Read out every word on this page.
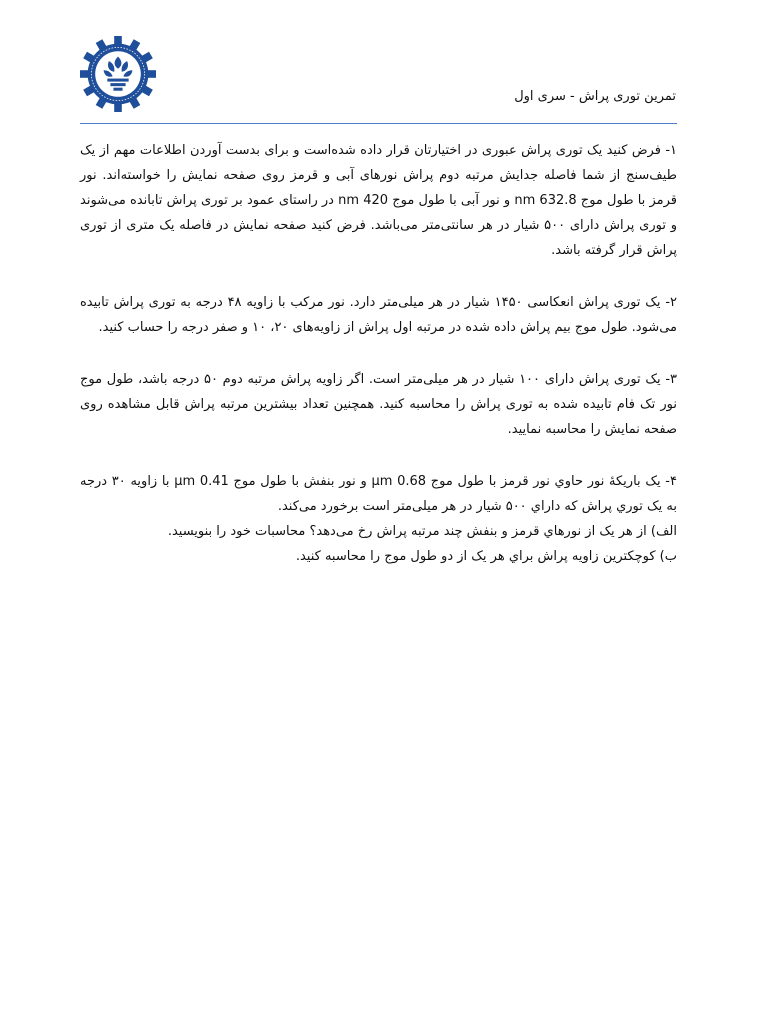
تمرین توری پراش - سری اول

۱- فرض کنید یک توری پراش عبوری در اختیارتان قرار داده شده‌است و برای بدست آوردن اطلاعات مهم از یک طیف‌سنج از شما فاصله جدایش مرتبه دوم پراش نورهای آبی و قرمز روی صفحه نمایش را خواسته‌اند. نور قرمز با طول موج 632.8 nm و نور آبی با طول موج 420 nm در راستای عمود بر توری پراش تابانده می‌شوند و توری پراش دارای ۵۰۰ شیار در هر سانتی‌متر می‌باشد. فرض کنید صفحه نمایش در فاصله یک متری از توری پراش قرار گرفته باشد.

۲- یک توری پراش انعکاسی ۱۴۵۰ شیار در هر میلی‌متر دارد. نور مرکب با زاویه ۴۸ درجه به توری پراش تابیده می‌شود. طول موج بیم پراش داده شده در مرتبه اول پراش از زاویه‌های ۲۰، ۱۰ و صفر درجه را حساب کنید.

۳- یک توری پراش دارای ۱۰۰ شیار در هر میلی‌متر است. اگر زاویه پراش مرتبه دوم ۵۰ درجه باشد، طول موج نور تک فام تابیده شده به توری پراش را محاسبه کنید. همچنین تعداد بیشترین مرتبه پراش قابل مشاهده روی صفحه نمایش را محاسبه نمایید.

۴- یک باریکهٔ نور حاوي نور قرمز با طول موج 0.68 µm و نور بنفش با طول موج 0.41 µm با زاویه ۳۰ درجه به یک توري پراش که داراي ۵۰۰ شیار در هر میلی‌متر است برخورد می‌کند.

الف) از هر یک از نورهاي قرمز و بنفش چند مرتبه پراش رخ می‌دهد؟ محاسبات خود را بنویسید.

ب) کوچکترین زاویه پراش براي هر یک از دو طول موج را محاسبه کنید.
